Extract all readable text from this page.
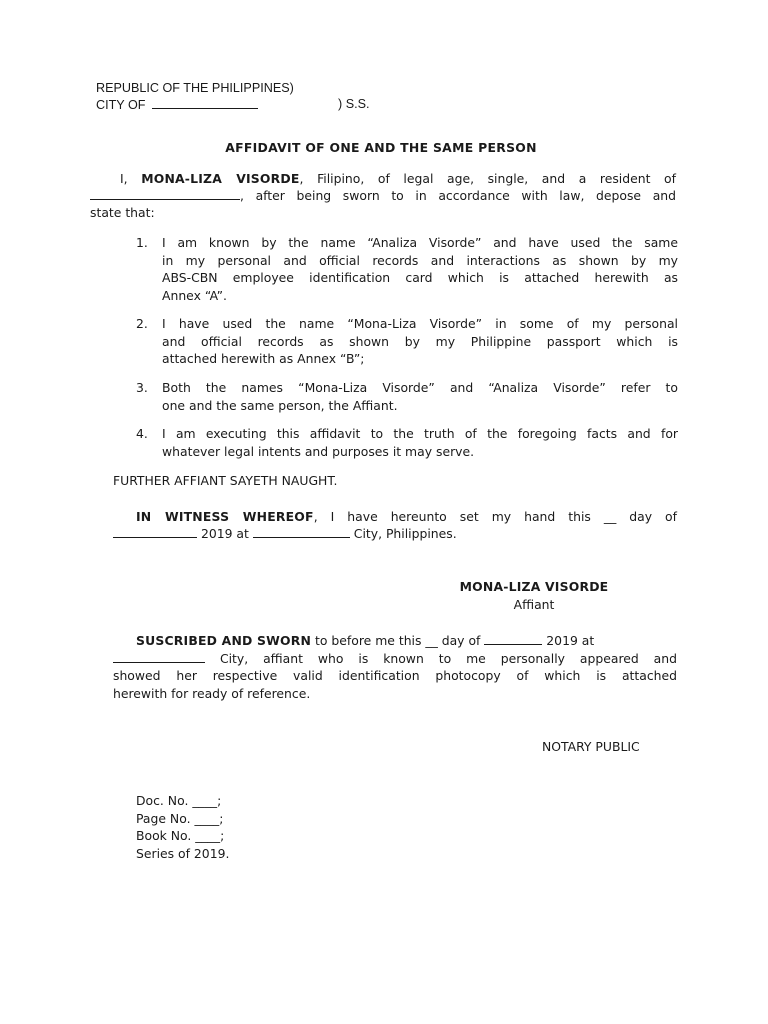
REPUBLIC OF THE PHILIPPINES)
CITY OF	) S.S.
AFFIDAVIT OF ONE AND THE SAME PERSON
I, MONA-LIZA VISORDE, Filipino, of legal age, single, and a resident of
, after being sworn to in accordance with law, depose and
state that:
1. I am known by the name “Analiza Visorde” and have used the same
in my personal and official records and interactions as shown by my
ABS-CBN employee identification card which is attached herewith as
Annex “A”.
2. I have used the name “Mona-Liza Visorde” in some of my personal
and official records as shown by my Philippine passport which is
attached herewith as Annex “B”;
3. Both the names “Mona-Liza Visorde” and “Analiza Visorde” refer to
one and the same person, the Affiant.
4. I am executing this affidavit to the truth of the foregoing facts and for
whatever legal intents and purposes it may serve.
FURTHER AFFIANT SAYETH NAUGHT.
IN WITNESS WHEREOF, I have hereunto set my hand this __ day of
2019 at	City, Philippines.
MONA-LIZA VISORDE
Affiant
SUSCRIBED AND SWORN to before me this __ day of	2019 at
City, affiant who is known to me personally appeared and
showed her respective valid identification photocopy of which is attached
herewith for ready of reference.
NOTARY PUBLIC
Doc. No. ____;
Page No. ____;
Book No. ____;
Series of 2019.
